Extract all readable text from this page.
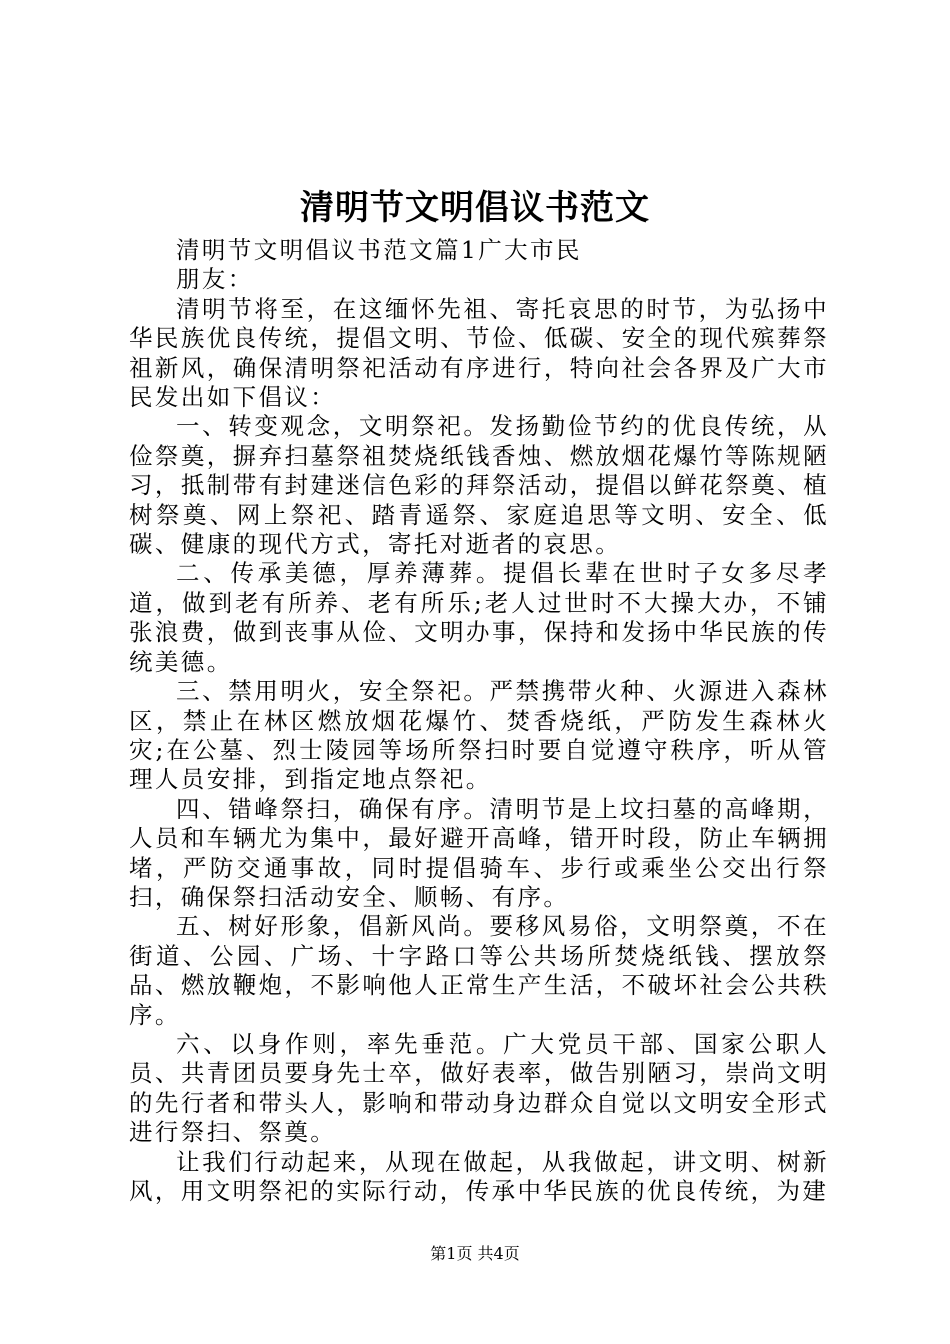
清明节文明倡议书范文

清明节文明倡议书范文篇1广大市民

朋友：

清明节将至，在这缅怀先祖、寄托哀思的时节，为弘扬中华民族优良传统，提倡文明、节俭、低碳、安全的现代殡葬祭祖新风，确保清明祭祀活动有序进行，特向社会各界及广大市民发出如下倡议：

一、转变观念，文明祭祀。发扬勤俭节约的优良传统，从俭祭奠，摒弃扫墓祭祖焚烧纸钱香烛、燃放烟花爆竹等陈规陋习，抵制带有封建迷信色彩的拜祭活动，提倡以鲜花祭奠、植树祭奠、网上祭祀、踏青遥祭、家庭追思等文明、安全、低碳、健康的现代方式，寄托对逝者的哀思。

二、传承美德，厚养薄葬。提倡长辈在世时子女多尽孝道，做到老有所养、老有所乐;老人过世时不大操大办，不铺张浪费，做到丧事从俭、文明办事，保持和发扬中华民族的传统美德。

三、禁用明火，安全祭祀。严禁携带火种、火源进入森林区，禁止在林区燃放烟花爆竹、焚香烧纸，严防发生森林火灾;在公墓、烈士陵园等场所祭扫时要自觉遵守秩序，听从管理人员安排，到指定地点祭祀。

四、错峰祭扫，确保有序。清明节是上坟扫墓的高峰期，人员和车辆尤为集中，最好避开高峰，错开时段，防止车辆拥堵，严防交通事故，同时提倡骑车、步行或乘坐公交出行祭扫，确保祭扫活动安全、顺畅、有序。

五、树好形象，倡新风尚。要移风易俗，文明祭奠，不在街道、公园、广场、十字路口等公共场所焚烧纸钱、摆放祭品、燃放鞭炮，不影响他人正常生产生活，不破坏社会公共秩序。

六、以身作则，率先垂范。广大党员干部、国家公职人员、共青团员要身先士卒，做好表率，做告别陋习，崇尚文明的先行者和带头人，影响和带动身边群众自觉以文明安全形式进行祭扫、祭奠。

让我们行动起来，从现在做起，从我做起，讲文明、树新风，用文明祭祀的实际行动，传承中华民族的优良传统，为建

第1页 共4页
